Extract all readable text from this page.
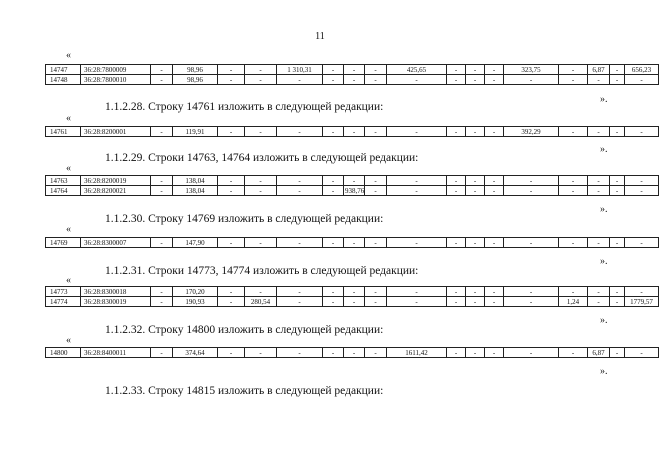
11
«
14747	36:28:7800009	-	98,96	-	-	1 310,31	-	-	-	425,65	-	-	-	323,75	-	6,87	-	656,23
14748	36:28:7800010	-	98,96	-	-	-	-	-	-	-	-	-	-	-	-	-	-	-
».
1.1.2.28. Строку 14761 изложить в следующей редакции:
«
14761	36:28:8200001	-	119,91	-	-	-	-	-	-	-	-	-	-	392,29	-	-	-	-
».
1.1.2.29. Строки 14763, 14764 изложить в следующей редакции:
«
14763	36:28:8200019	-	138,04	-	-	-	-	-	-	-	-	-	-	-	-	-	-	-
14764	36:28:8200021	-	138,04	-	-	-	-	938,76	-	-	-	-	-	-	-	-	-	-
».
1.1.2.30. Строку 14769 изложить в следующей редакции:
«
14769	36:28:8300007	-	147,90	-	-	-	-	-	-	-	-	-	-	-	-	-	-	-
».
1.1.2.31. Строки 14773, 14774 изложить в следующей редакции:
«
14773	36:28:8300018	-	170,20	-	-	-	-	-	-	-	-	-	-	-	-	-	-	-
14774	36:28:8300019	-	190,93	-	280,54	-	-	-	-	-	-	-	-	-	1,24	-	-	1779,57
».
1.1.2.32. Строку 14800 изложить в следующей редакции:
«
14800	36:28:8400011	-	374,64	-	-	-	-	-	-	1611,42	-	-	-	-	-	6,87	-	-
».
1.1.2.33. Строку 14815 изложить в следующей редакции:
